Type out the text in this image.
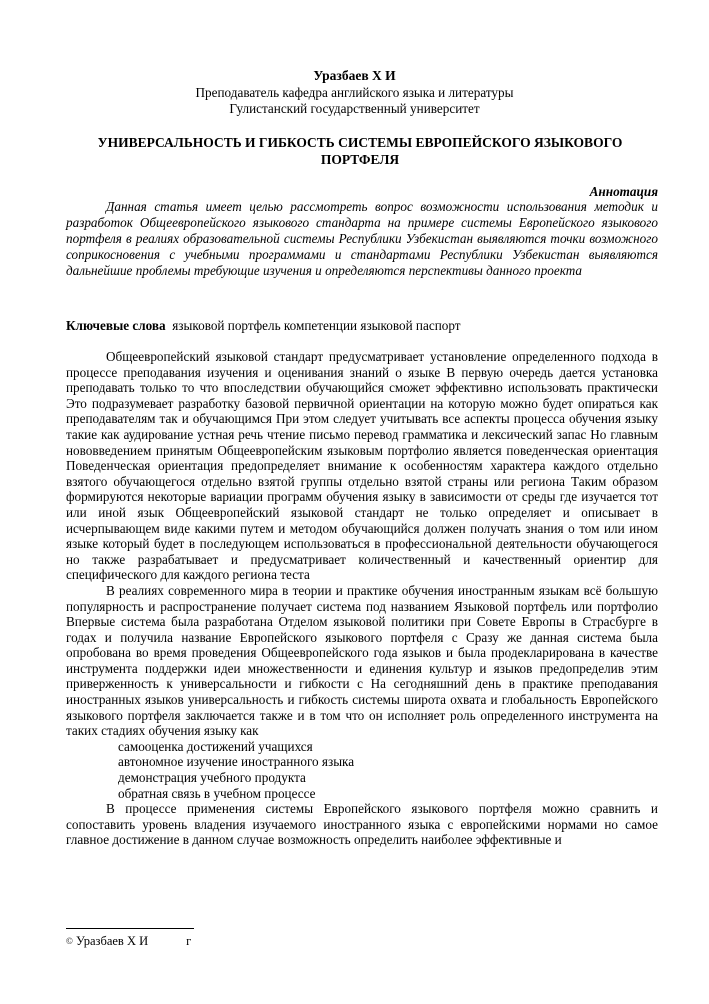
Уразбаев Х И
Преподаватель кафедра английского языка и литературы
Гулистанский государственный университет
УНИВЕРСАЛЬНОСТЬ И ГИБКОСТЬ СИСТЕМЫ ЕВРОПЕЙСКОГО ЯЗЫКОВОГО ПОРТФЕЛЯ
Аннотация
Данная статья имеет целью рассмотреть вопрос возможности использования методик и разработок Общеевропейского языкового стандарта на примере системы Европейского языкового портфеля в реалиях образовательной системы Республики Узбекистан выявляются точки возможного соприкосновения с учебными программами и стандартами Республики Узбекистан выявляются дальнейшие проблемы требующие изучения и определяются перспективы данного проекта
Ключевые слова языковой портфель компетенции языковой паспорт

Общеевропейский языковой стандарт предусматривает установление определенного подхода в процессе преподавания изучения и оценивания знаний о языке В первую очередь дается установка преподавать только то что впоследствии обучающийся сможет эффективно использовать практически Это подразумевает разработку базовой первичной ориентации на которую можно будет опираться как преподавателям так и обучающимся При этом следует учитывать все аспекты процесса обучения языку такие как аудирование устная речь чтение письмо перевод грамматика и лексический запас Но главным нововведением принятым Общеевропейским языковым портфолио является поведенческая ориентация Поведенческая ориентация предопределяет внимание к особенностям характера каждого отдельно взятого обучающегося отдельно взятой группы отдельно взятой страны или региона Таким образом формируются некоторые вариации программ обучения языку в зависимости от среды где изучается тот или иной язык Общеевропейский языковой стандарт не только определяет и описывает в исчерпывающем виде какими путем и методом обучающийся должен получать знания о том или ином языке который будет в последующем использоваться в профессиональной деятельности обучающегося но также разрабатывает и предусматривает количественный и качественный ориентир для специфического для каждого региона теста

В реалиях современного мира в теории и практике обучения иностранным языкам всё большую популярность и распространение получает система под названием Языковой портфель или портфолио Впервые система была разработана Отделом языковой политики при Совете Европы в Страсбурге в годах и получила название Европейского языкового портфеля с Сразу же данная система была опробована во время проведения Общеевропейского года языков и была продекларирована в качестве инструмента поддержки идеи множественности и единения культур и языков предопределив этим приверженность к универсальности и гибкости с На сегодняшний день в практике преподавания иностранных языков универсальность и гибкость системы широта охвата и глобальность Европейского языкового портфеля заключается также и в том что он исполняет роль определенного инструмента на таких стадиях обучения языку как

самооценка достижений учащихся
автономное изучение иностранного языка
демонстрация учебного продукта
обратная связь в учебном процессе

В процессе применения системы Европейского языкового портфеля можно сравнить и сопоставить уровень владения изучаемого иностранного языка с европейскими нормами но самое главное достижение в данном случае возможность определить наиболее эффективные и

© Уразбаев Х И	г
